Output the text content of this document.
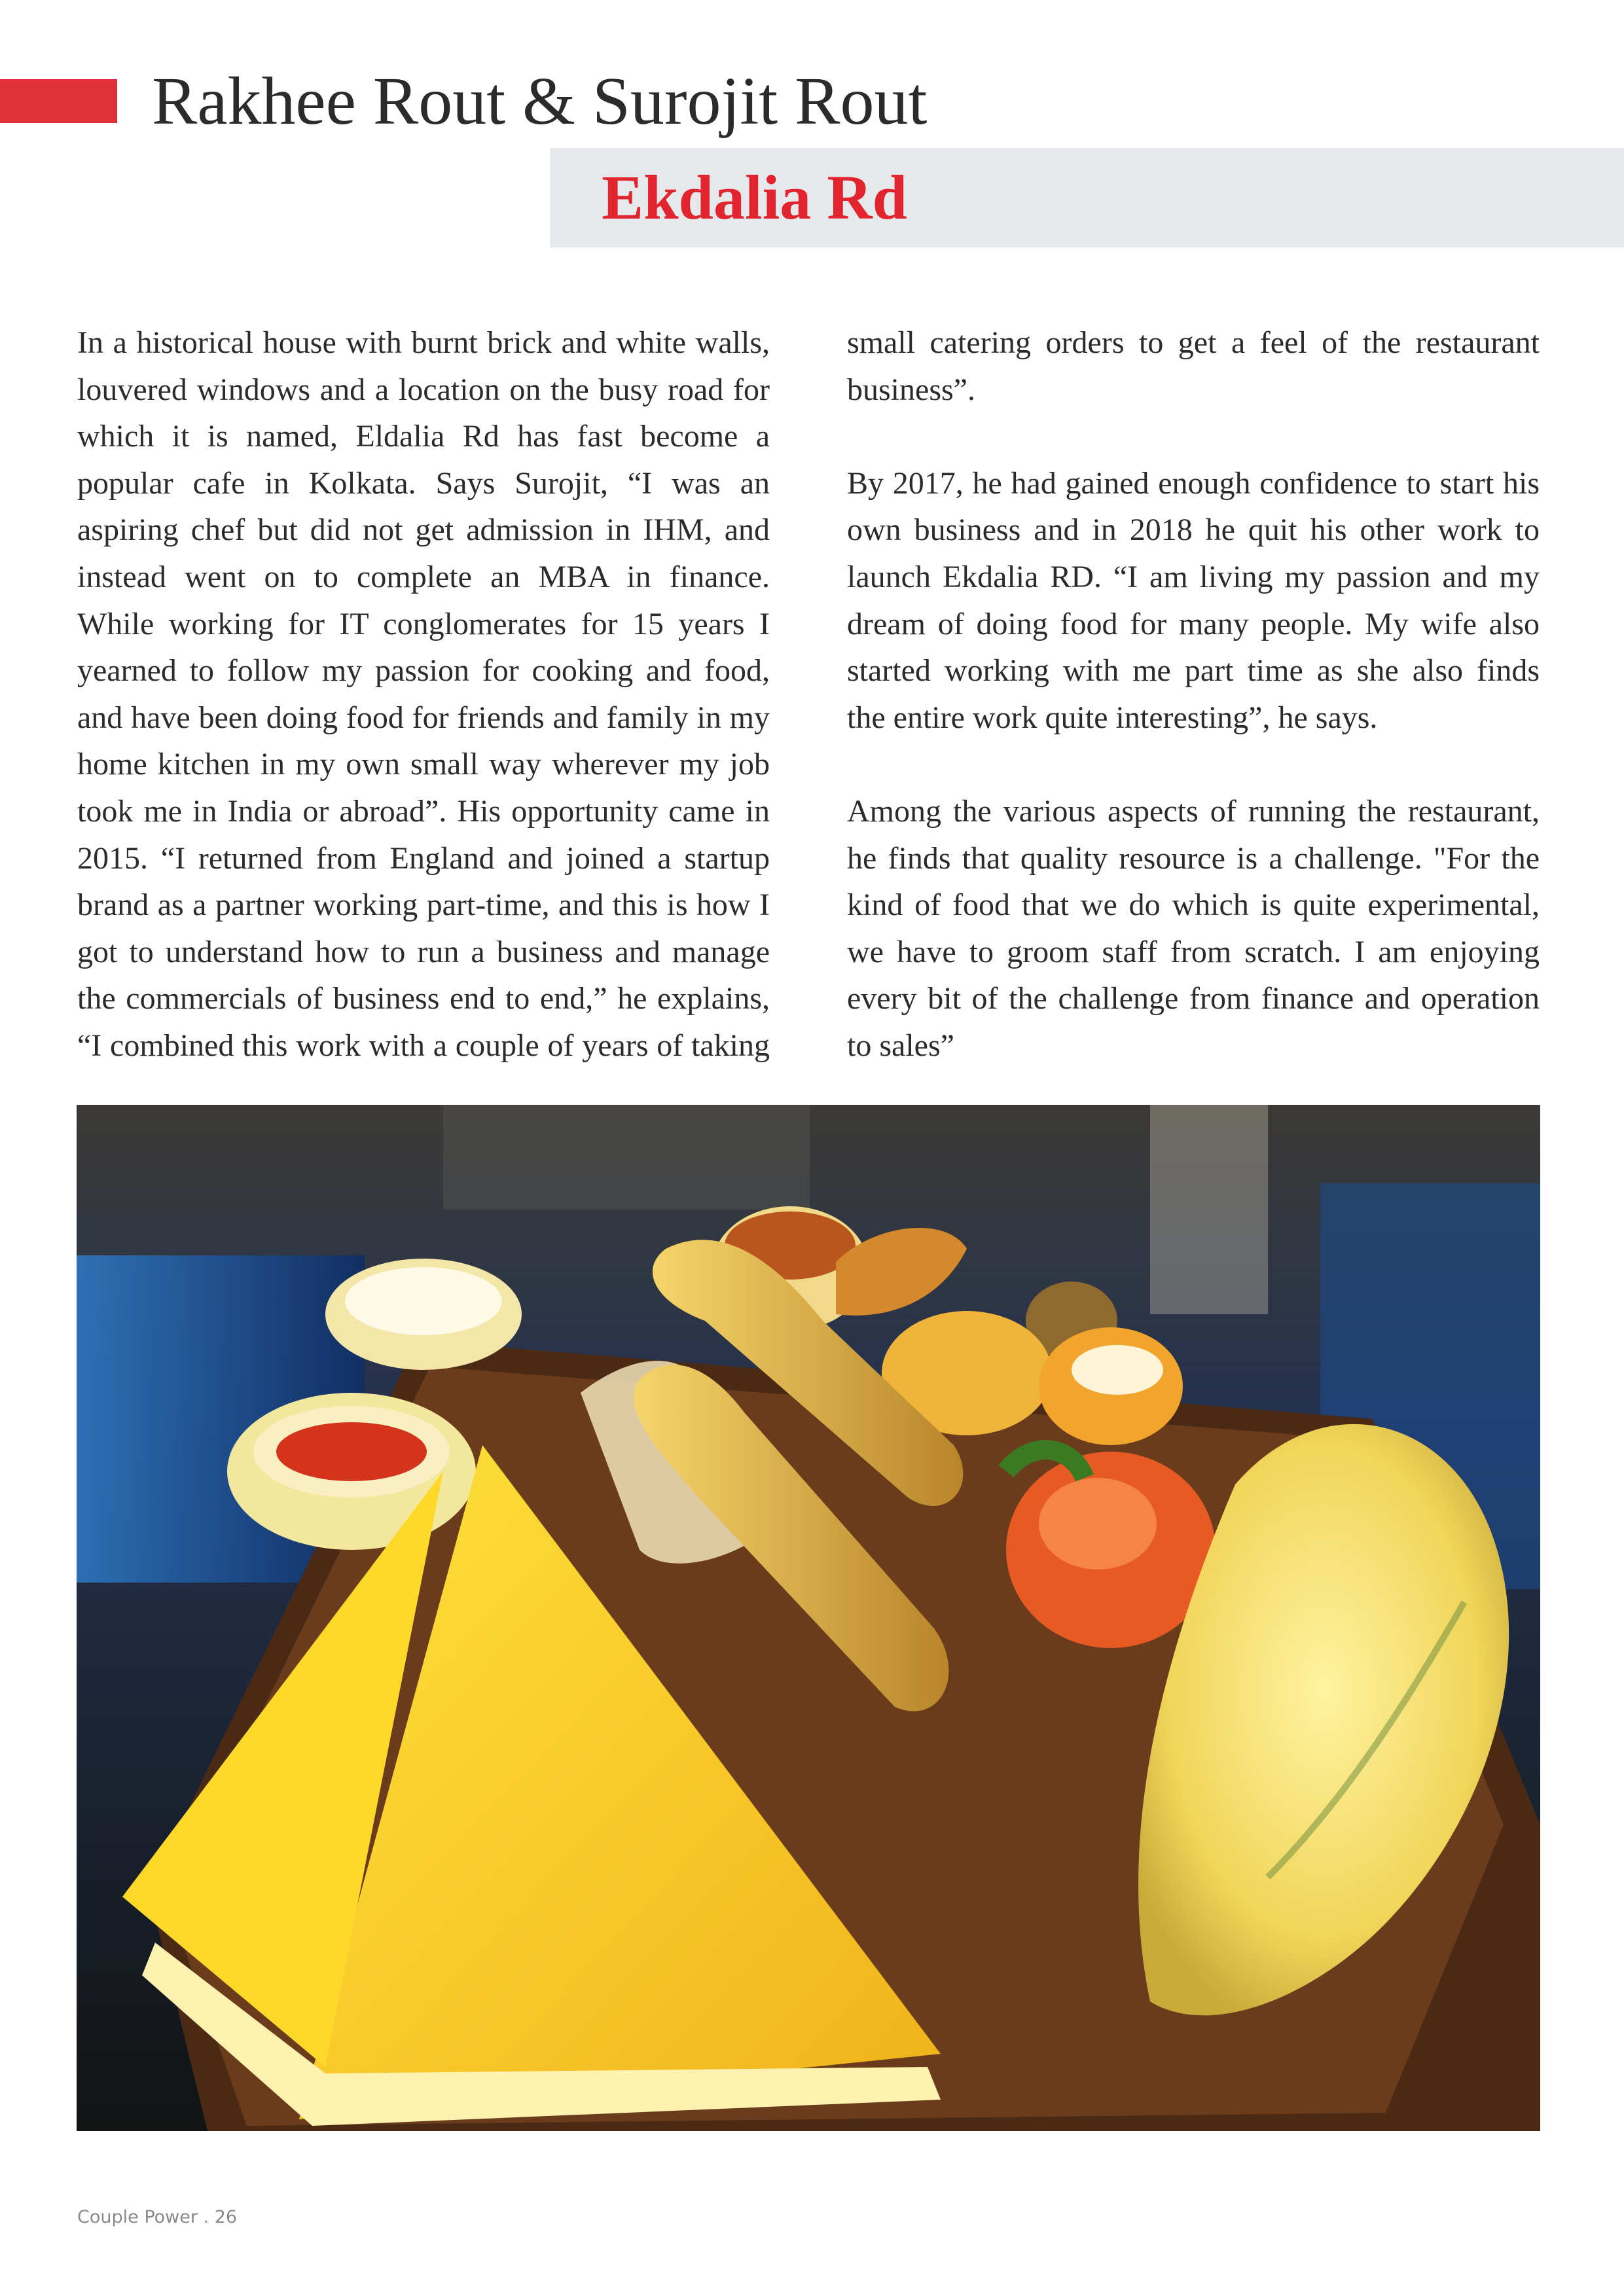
Rakhee Rout & Surojit Rout
Ekdalia Rd
In a historical house with burnt brick and white walls,
louvered windows and a location on the busy road for
which it is named, Eldalia Rd has fast become a
popular cafe in Kolkata. Says Surojit, “I was an
aspiring chef but did not get admission in IHM, and
instead went on to complete an MBA in finance.
While working for IT conglomerates for 15 years I
yearned to follow my passion for cooking and food,
and have been doing food for friends and family in my
home kitchen in my own small way wherever my job
took me in India or abroad”. His opportunity came in
2015. “I returned from England and joined a startup
brand as a partner working part-time, and this is how I
got to understand how to run a business and manage
the commercials of business end to end,” he explains,
“I combined this work with a couple of years of taking
small catering orders to get a feel of the restaurant
business”.
By 2017, he had gained enough confidence to start his
own business and in 2018 he quit his other work to
launch Ekdalia RD. “I am living my passion and my
dream of doing food for many people. My wife also
started working with me part time as she also finds
the entire work quite interesting”, he says.
Among the various aspects of running the restaurant,
he finds that quality resource is a challenge. "For the
kind of food that we do which is quite experimental,
we have to groom staff from scratch. I am enjoying
every bit of the challenge from finance and operation
to sales”

Couple Power . 26
